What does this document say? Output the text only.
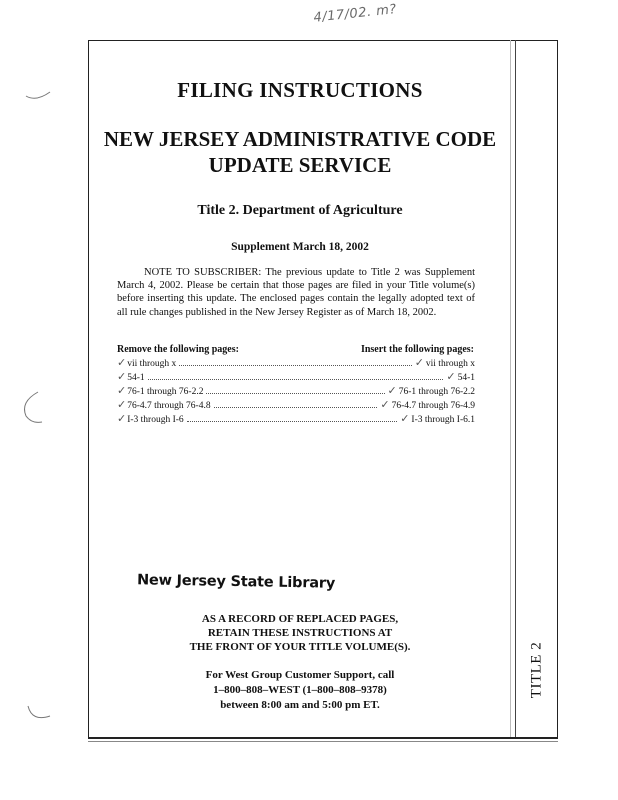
4/17/02. m?
FILING INSTRUCTIONS
NEW JERSEY ADMINISTRATIVE CODE
UPDATE SERVICE
Title 2. Department of Agriculture
Supplement March 18, 2002
NOTE TO SUBSCRIBER: The previous update to Title 2 was Supplement March 4, 2002. Please be certain that those pages are filed in your Title volume(s) before inserting this update. The enclosed pages contain the legally adopted text of all rule changes published in the New Jersey Register as of March 18, 2002.
Remove the following pages:	Insert the following pages:
✓ vii through x	✓ vii through x
✓ 54-1	✓ 54-1
✓ 76-1 through 76-2.2	✓ 76-1 through 76-2.2
✓ 76-4.7 through 76-4.8	✓ 76-4.7 through 76-4.9
✓ I-3 through I-6	✓ I-3 through I-6.1
New Jersey State Library
AS A RECORD OF REPLACED PAGES,
RETAIN THESE INSTRUCTIONS AT
THE FRONT OF YOUR TITLE VOLUME(S).
For West Group Customer Support, call
1–800–808–WEST (1–800–808–9378)
between 8:00 am and 5:00 pm ET.
TITLE 2
